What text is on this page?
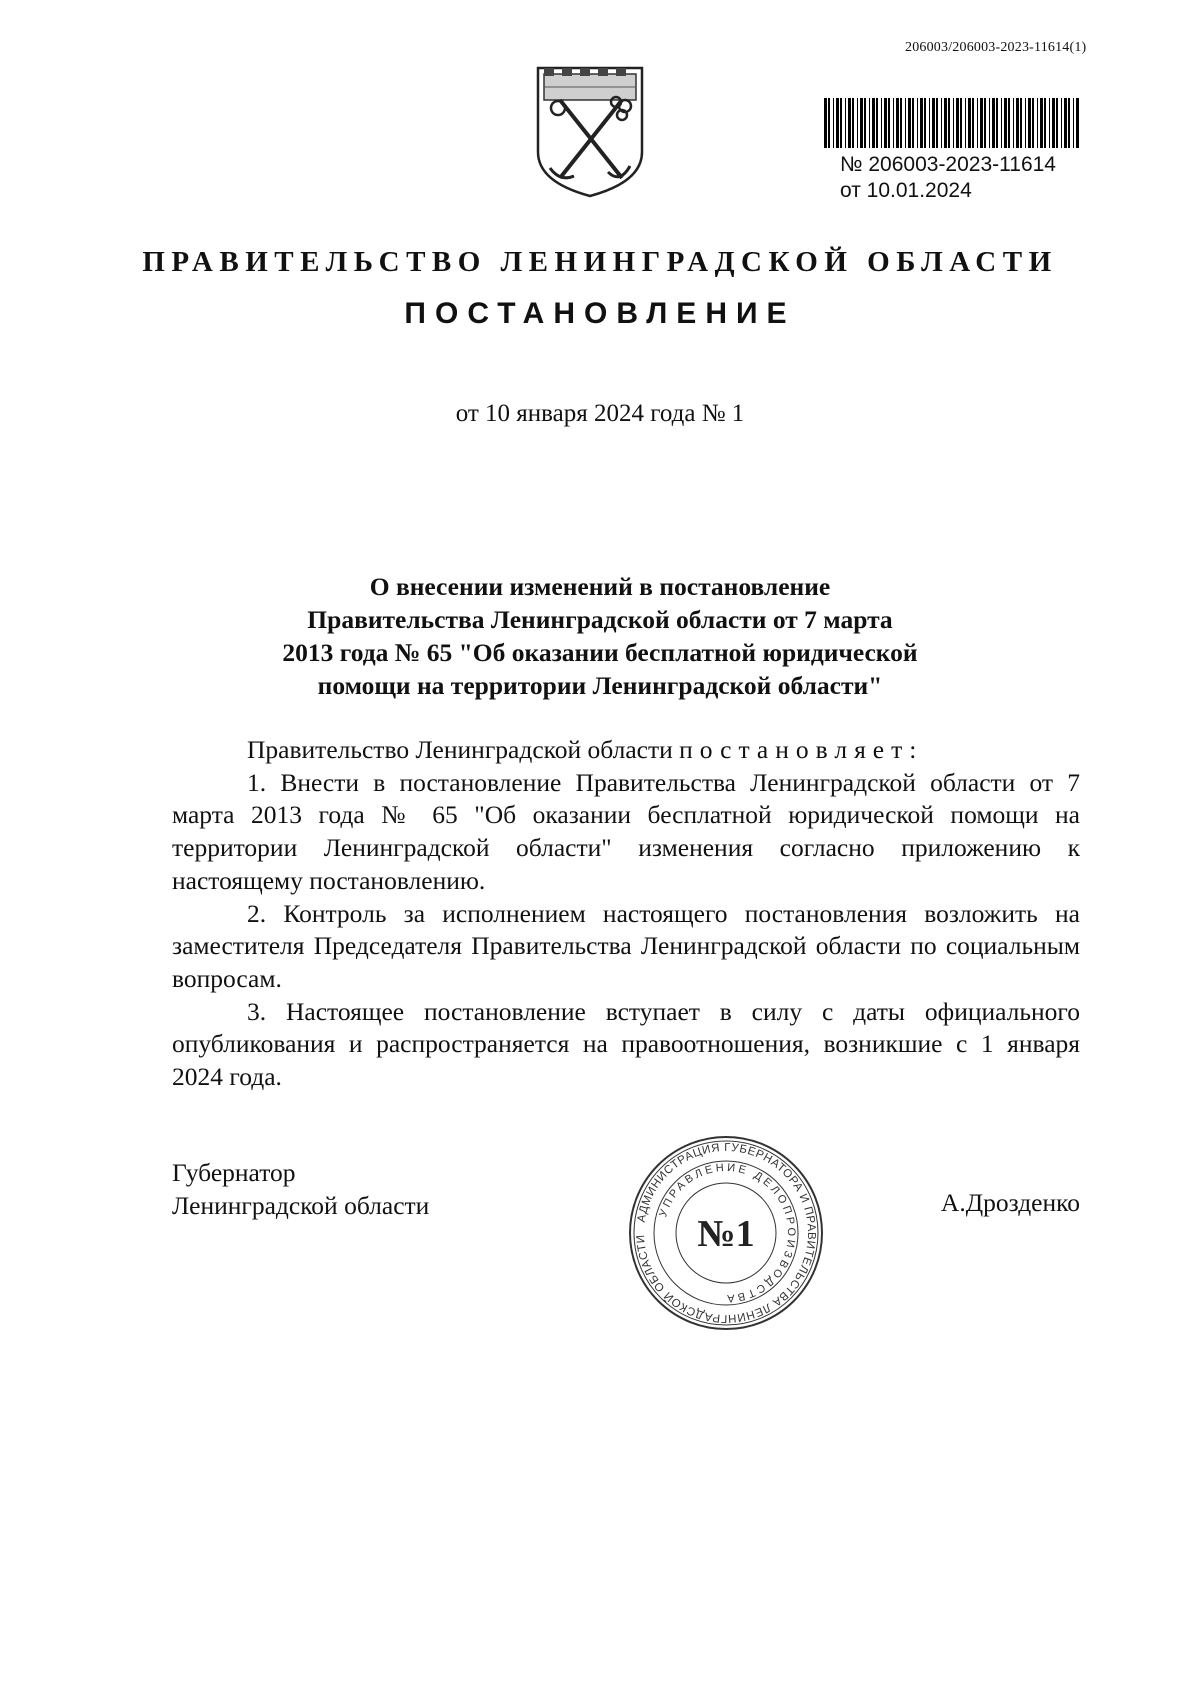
206003/206003-2023-11614(1)
№ 206003-2023-11614
от 10.01.2024
ПРАВИТЕЛЬСТВО ЛЕНИНГРАДСКОЙ ОБЛАСТИ
ПОСТАНОВЛЕНИЕ
от 10 января 2024 года № 1
О внесении изменений в постановление
Правительства Ленинградской области от 7 марта
2013 года № 65 "Об оказании бесплатной юридической
помощи на территории Ленинградской области"

Правительство Ленинградской области постановляет:

1. Внести в постановление Правительства Ленинградской области от 7 марта 2013 года № 65 "Об оказании бесплатной юридической помощи на территории Ленинградской области" изменения согласно приложению к настоящему постановлению.

2. Контроль за исполнением настоящего постановления возложить на заместителя Председателя Правительства Ленинградской области по социальным вопросам.

3. Настоящее постановление вступает в силу с даты официального опубликования и распространяется на правоотношения, возникшие с 1 января 2024 года.

Губернатор
Ленинградской области	А.Дрозденко
АДМИНИСТРАЦИЯ ГУБЕРНАТОРА И ПРАВИТЕЛЬСТВА ЛЕНИНГРАДСКОЙ ОБЛАСТИ
УПРАВЛЕНИЕ ДЕЛОПРОИЗВОДСТВА
№1
